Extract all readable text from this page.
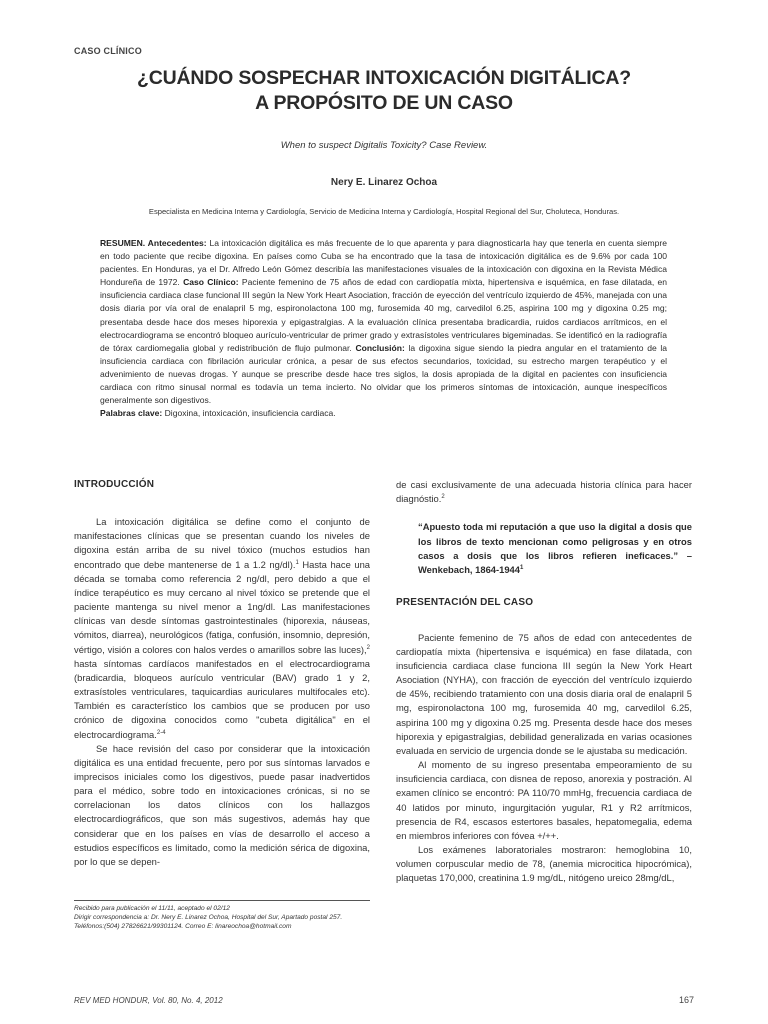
CASO CLÍNICO
¿CUÁNDO SOSPECHAR INTOXICACIÓN DIGITÁLICA?
A PROPÓSITO DE UN CASO
When to suspect Digitalis Toxicity? Case Review.
Nery E. Linarez Ochoa
Especialista en Medicina Interna y Cardiología, Servicio de Medicina Interna y Cardiología, Hospital Regional del Sur, Choluteca, Honduras.

RESUMEN. Antecedentes: La intoxicación digitálica es más frecuente de lo que aparenta y para diagnosticarla hay que tenerla en cuenta siempre en todo paciente que recibe digoxina. En países como Cuba se ha encontrado que la tasa de intoxicación digitálica es de 9.6% por cada 100 pacientes. En Honduras, ya el Dr. Alfredo León Gómez describía las manifestaciones visuales de la intoxicación con digoxina en la Revista Médica Hondureña de 1972. Caso Clínico: Paciente femenino de 75 años de edad con cardiopatía mixta, hipertensiva e isquémica, en fase dilatada, en insuficiencia cardiaca clase funcional III según la New York Heart Asociation, fracción de eyección del ventrículo izquierdo de 45%, manejada con una dosis diaria por vía oral de enalapril 5 mg, espironolactona 100 mg, furosemida 40 mg, carvedilol 6.25, aspirina 100 mg y digoxina 0.25 mg; presentaba desde hace dos meses hiporexia y epigastralgias. A la evaluación clínica presentaba bradicardia, ruidos cardiacos arrítmicos, en el electrocardiograma se encontró bloqueo aurículo-ventricular de primer grado y extrasístoles ventriculares bigeminadas. Se identificó en la radiografía de tórax cardiomegalia global y redistribución de flujo pulmonar. Conclusión: la digoxina sigue siendo la piedra angular en el tratamiento de la insuficiencia cardiaca con fibrilación auricular crónica, a pesar de sus efectos secundarios, toxicidad, su estrecho margen terapéutico y el advenimiento de nuevas drogas. Y aunque se prescribe desde hace tres siglos, la dosis apropiada de la digital en pacientes con insuficiencia cardiaca con ritmo sinusal normal es todavía un tema incierto. No olvidar que los primeros síntomas de intoxicación, aunque inespecíficos generalmente son digestivos.

Palabras clave: Digoxina, intoxicación, insuficiencia cardiaca.

INTRODUCCIÓN

La intoxicación digitálica se define como el conjunto de manifestaciones clínicas que se presentan cuando los niveles de digoxina están arriba de su nivel tóxico (muchos estudios han encontrado que debe mantenerse de 1 a 1.2 ng/dl).$^1$ Hasta hace una década se tomaba como referencia 2 ng/dl, pero debido a que el índice terapéutico es muy cercano al nivel tóxico se pretende que el paciente mantenga su nivel menor a 1ng/dl. Las manifestaciones clínicas van desde síntomas gastrointestinales (hiporexia, náuseas, vómitos, diarrea), neurológicos (fatiga, confusión, insomnio, depresión, vértigo, visión a colores con halos verdes o amarillos sobre las luces),$^2$ hasta síntomas cardíacos manifestados en el electrocardiograma (bradicardia, bloqueos aurículo ventricular (BAV) grado 1 y 2, extrasístoles ventriculares, taquicardias auriculares multifocales etc). También es característico los cambios que se producen por uso crónico de digoxina conocidos como "cubeta digitálica" en el electrocardiograma.$^{2-4}$

Se hace revisión del caso por considerar que la intoxicación digitálica es una entidad frecuente, pero por sus síntomas larvados e imprecisos iniciales como los digestivos, puede pasar inadvertidos para el médico, sobre todo en intoxicaciones crónicas, si no se correlacionan los datos clínicos con los hallazgos electrocardiográficos, que son más sugestivos, además hay que considerar que en los países en vías de desarrollo el acceso a estudios específicos es limitado, como la medición sérica de digoxina, por lo que se depen-

de casi exclusivamente de una adecuada historia clínica para hacer diagnóstio.$^2$

“Apuesto toda mi reputación a que uso la digital a dosis que los libros de texto mencionan como peligrosas y en otros casos a dosis que los libros refieren ineficaces.” –Wenkebach, 1864-1944$^1$

PRESENTACIÓN DEL CASO

Paciente femenino de 75 años de edad con antecedentes de cardiopatía mixta (hipertensiva e isquémica) en fase dilatada, con insuficiencia cardiaca clase funciona III según la New York Heart Asociation (NYHA), con fracción de eyección del ventrículo izquierdo de 45%, recibiendo tratamiento con una dosis diaria oral de enalapril 5 mg, espironolactona 100 mg, furosemida 40 mg, carvedilol 6.25, aspirina 100 mg y digoxina 0.25 mg. Presenta desde hace dos meses hiporexia y epigastralgias, debilidad generalizada en varias ocasiones evaluada en servicio de urgencia donde se le ajustaba su medicación.

Al momento de su ingreso presentaba empeoramiento de su insuficiencia cardiaca, con disnea de reposo, anorexia y postración. Al examen clínico se encontró: PA 110/70 mmHg, frecuencia cardiaca de 40 latidos por minuto, ingurgitación yugular, R1 y R2 arrítmicos, presencia de R4, escasos estertores basales, hepatomegalia, edema en miembros inferiores con fóvea +/++.

Los exámenes laboratoriales mostraron: hemoglobina 10, volumen corpuscular medio de 78, (anemia microcitica hipocrómica), plaquetas 170,000, creatinina 1.9 mg/dL, nitógeno ureico 28mg/dL,

Recibido para publicación el 11/11, aceptado el 02/12

Dirigir correspondencia a: Dr. Nery E. Linarez Ochoa, Hospital del Sur, Apartado postal 257. Teléfonos:(504) 27826621/99301124. Correo E: linareochoa@hotmail.com

REV MED HONDUR, Vol. 80, No. 4, 2012	167
